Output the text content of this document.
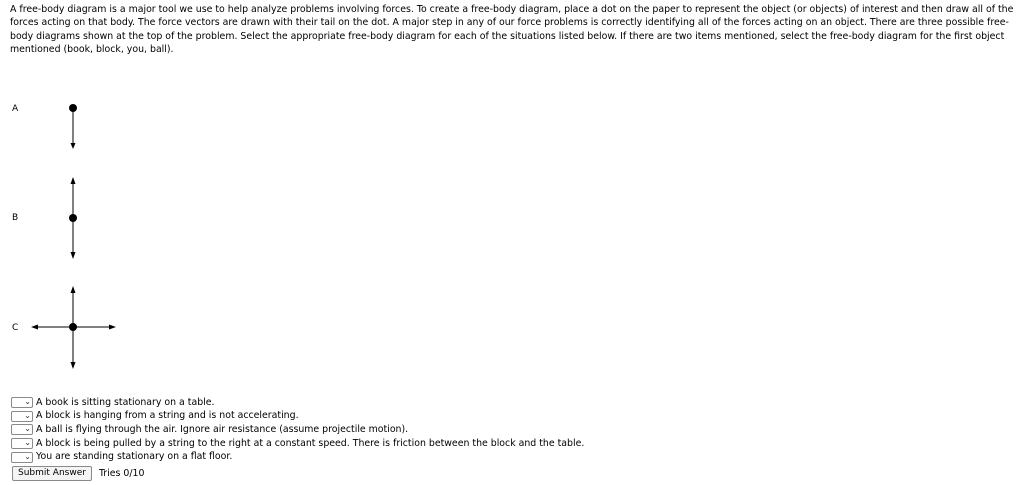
A free-body diagram is a major tool we use to help analyze problems involving forces. To create a free-body diagram, place a dot on the paper to represent the object (or objects) of interest and then draw all of the forces acting on that body. The force vectors are drawn with their tail on the dot. A major step in any of our force problems is correctly identifying all of the forces acting on an object. There are three possible free-body diagrams shown at the top of the problem. Select the appropriate free-body diagram for each of the situations listed below. If there are two items mentioned, select the free-body diagram for the first object mentioned (book, block, you, ball).

A
B
C
⌄ A book is sitting stationary on a table.
⌄ A block is hanging from a string and is not accelerating.
⌄ A ball is flying through the air. Ignore air resistance (assume projectile motion).
⌄ A block is being pulled by a string to the right at a constant speed. There is friction between the block and the table.
⌄ You are standing stationary on a flat floor.
Submit Answer	Tries 0/10
